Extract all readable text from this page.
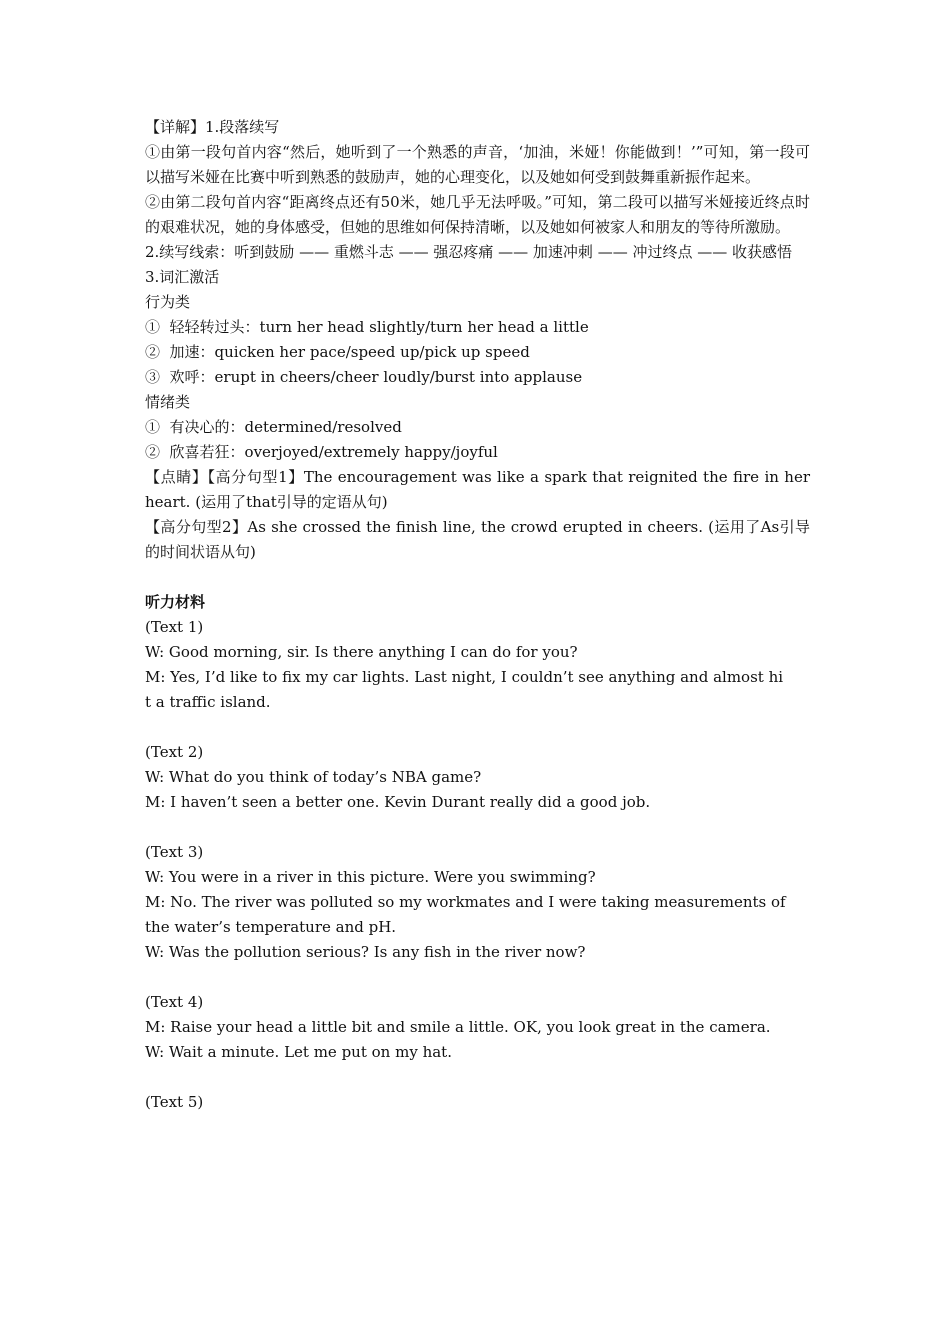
【详解】1.段落续写
①由第一段句首内容“然后，她听到了一个熟悉的声音，‘加油，米娅！你能做到！’”可知，第一段可以描写米娅在比赛中听到熟悉的鼓励声，她的心理变化，以及她如何受到鼓舞重新振作起来。
②由第二段句首内容“距离终点还有50米，她几乎无法呼吸。”可知，第二段可以描写米娅接近终点时的艰难状况，她的身体感受，但她的思维如何保持清晰，以及她如何被家人和朋友的等待所激励。
2.续写线索：听到鼓励 —— 重燃斗志 —— 强忍疼痛 —— 加速冲刺 —— 冲过终点 —— 收获感悟
3.词汇激活
行为类
①  轻轻转过头：turn her head slightly/turn her head a little
②  加速：quicken her pace/speed up/pick up speed
③  欢呼：erupt in cheers/cheer loudly/burst into applause
情绪类
①  有决心的：determined/resolved
②  欣喜若狂：overjoyed/extremely happy/joyful
【点睛】【高分句型1】The encouragement was like a spark that reignited the fire in her heart. (运用了that引导的定语从句)
【高分句型2】As she crossed the finish line, the crowd erupted in cheers. (运用了As引导的时间状语从句)
听力材料
(Text 1)
W: Good morning, sir. Is there anything I can do for you?
M: Yes, I’d like to fix my car lights. Last night, I couldn’t see anything and almost hit a traffic island.
(Text 2)
W: What do you think of today’s NBA game?
M: I haven’t seen a better one. Kevin Durant really did a good job.
(Text 3)
W: You were in a river in this picture. Were you swimming?
M: No. The river was polluted so my workmates and I were taking measurements of the water’s temperature and pH.
W: Was the pollution serious? Is any fish in the river now?
(Text 4)
M: Raise your head a little bit and smile a little. OK, you look great in the camera.
W: Wait a minute. Let me put on my hat.
(Text 5)
